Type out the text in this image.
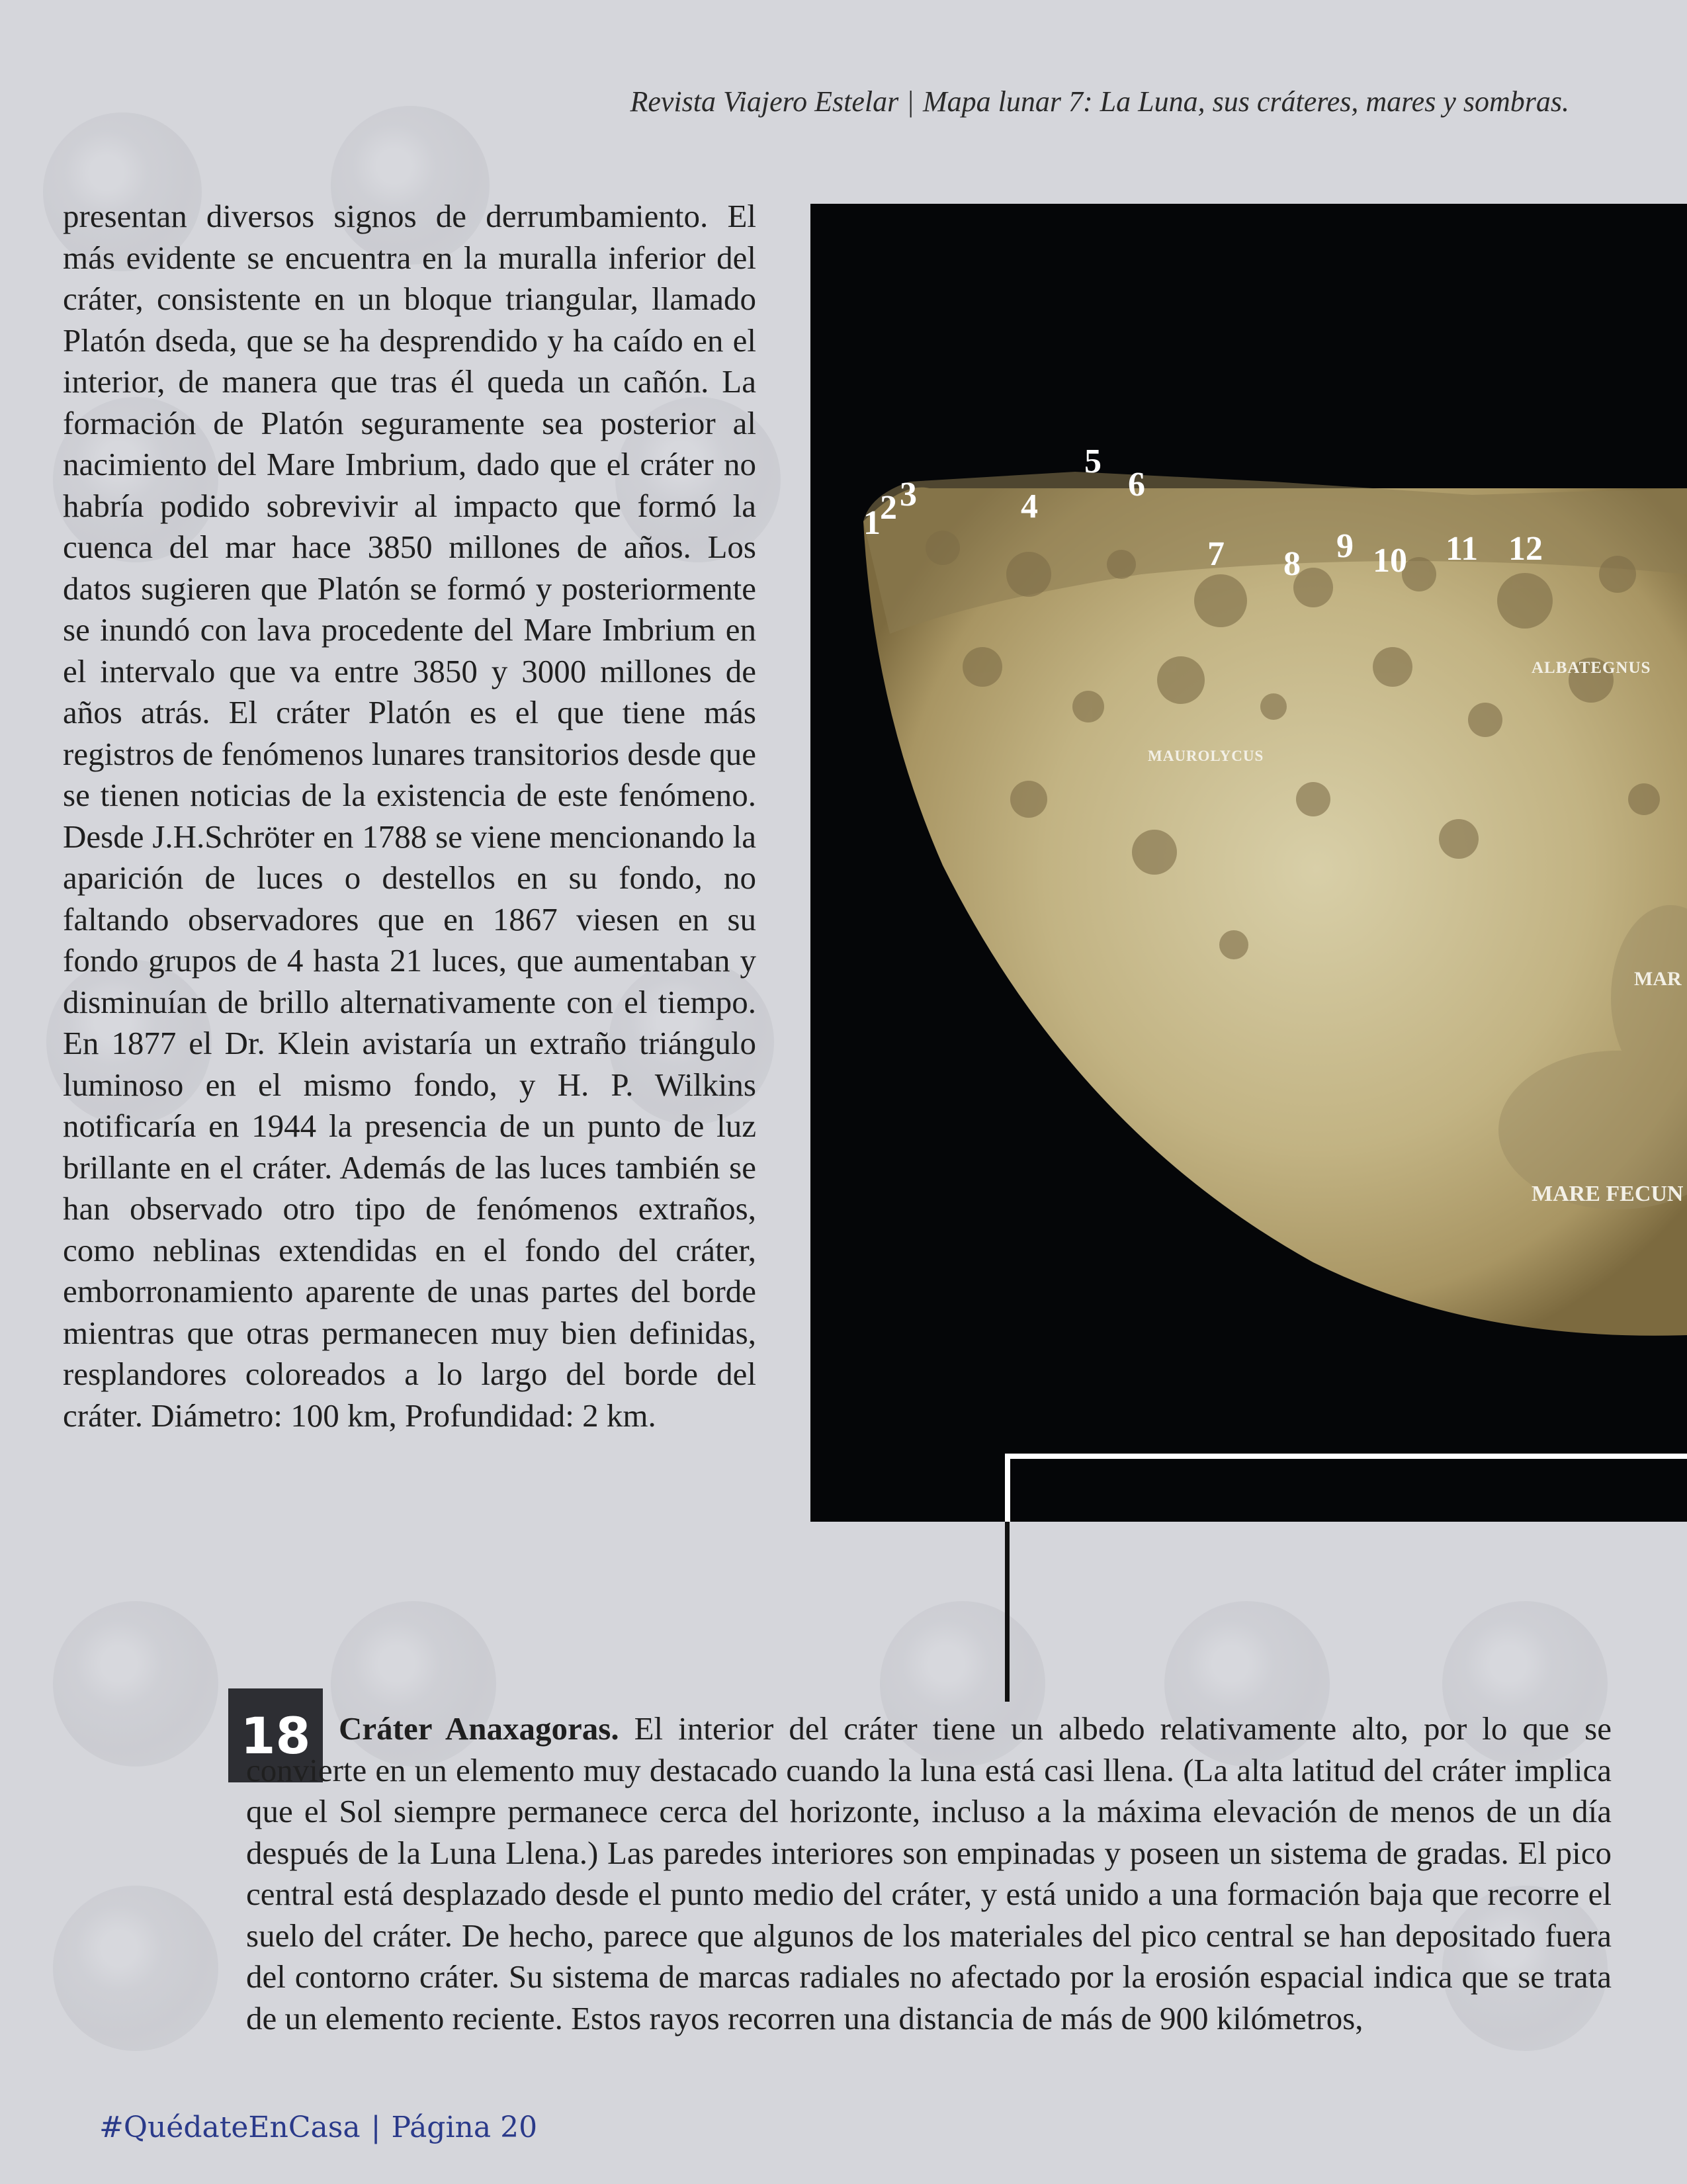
Revista Viajero Estelar | Mapa lunar 7: La Luna, sus cráteres, mares y sombras.

presentan diversos signos de derrumbamiento. El más evidente se encuentra en la muralla inferior del cráter, consistente en un bloque triangular, llamado Platón dseda, que se ha desprendido y ha caído en el interior, de manera que tras él queda un cañón. La formación de Platón seguramente sea posterior al nacimiento del Mare Imbrium, dado que el cráter no habría podido sobrevivir al impacto que formó la cuenca del mar hace 3850 millones de años. Los datos sugieren que Platón se formó y posteriormente se inundó con lava procedente del Mare Imbrium en el intervalo que va entre 3850 y 3000 millones de años atrás. El cráter Platón es el que tiene más registros de fenómenos lunares transitorios desde que se tienen noticias de la existencia de este fenómeno. Desde J.H.Schröter en 1788 se viene mencionando la aparición de luces o destellos en su fondo, no faltando observadores que en 1867 viesen en su fondo grupos de 4 hasta 21 luces, que aumentaban y disminuían de brillo alternativamente con el tiempo. En 1877 el Dr. Klein avistaría un extraño triángulo luminoso en el mismo fondo, y H. P. Wilkins notificaría en 1944 la presencia de un punto de luz brillante en el cráter. Además de las luces también se han observado otro tipo de fenómenos extraños, como neblinas extendidas en el fondo del cráter, emborronamiento aparente de unas partes del borde mientras que otras permanecen muy bien definidas, resplandores coloreados a lo largo del borde del cráter. Diámetro: 100 km, Profundidad: 2 km.

1 2 3	4
5
6
7 8 9 10 11 12
ALBATEGNUS
MAUROLYCUS
MAR
MARE FECUN
18 Cráter Anaxagoras. El interior del cráter tiene un albedo relativamente alto, por lo que se convierte en un elemento muy destacado cuando la luna está casi llena. (La alta latitud del cráter implica que el Sol siempre permanece cerca del horizonte, incluso a la máxima elevación de menos de un día después de la Luna Llena.) Las paredes interiores son empinadas y poseen un sistema de gradas. El pico central está desplazado desde el punto medio del cráter, y está unido a una formación baja que recorre el suelo del cráter. De hecho, parece que algunos de los materiales del pico central se han depositado fuera del contorno cráter. Su sistema de marcas radiales no afectado por la erosión espacial indica que se trata de un elemento reciente. Estos rayos recorren una distancia de más de 900 kilómetros,

#QuédateEnCasa | Página 20
